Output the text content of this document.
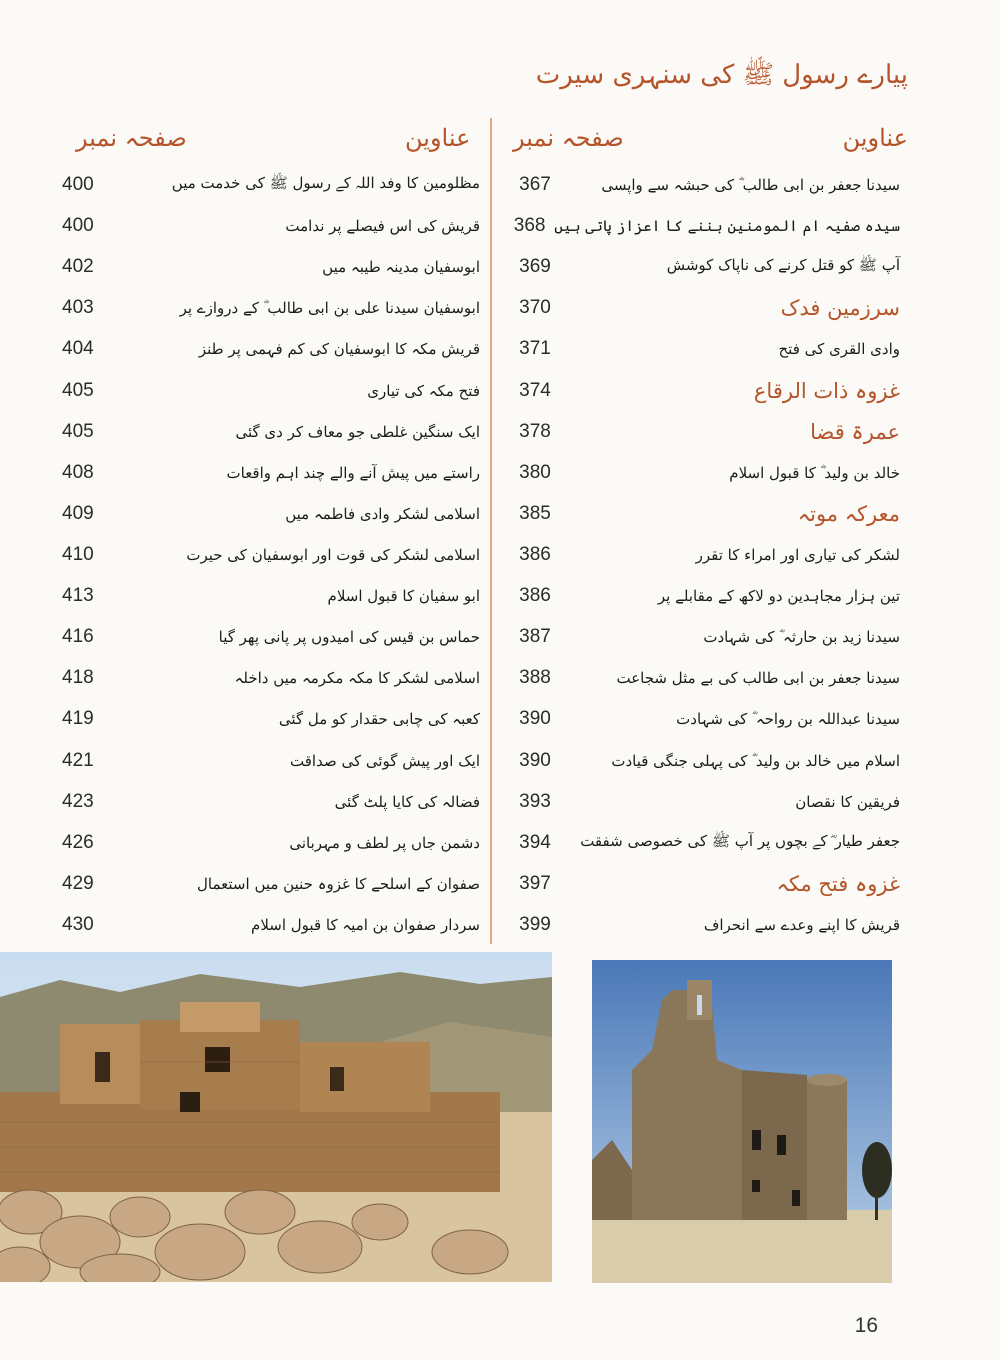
پیارے رسول ﷺ کی سنہری سیرت
عناوین
صفحہ نمبر
عناوین
صفحہ نمبر
367	سیدنا جعفر بن ابی طالب ؓ کی حبشہ سے واپسی
368 سیدہ صفیہ ام المومنین بننے کا اعزاز پاتی ہیں
369	آپ ﷺ کو قتل کرنے کی ناپاک کوشش
370	سرزمین فدک
371	وادی القری کی فتح
374	غزوہ ذات الرقاع
378	عمرۃ قضا
380	خالد بن ولید ؓ کا قبول اسلام
385	معرکہ موتہ
386	لشکر کی تیاری اور امراء کا تقرر
386	تین ہزار مجاہدین دو لاکھ کے مقابلے پر
387	سیدنا زید بن حارثہ ؓ کی شہادت
388	سیدنا جعفر بن ابی طالب کی بے مثل شجاعت
390	سیدنا عبداللہ بن رواحہ ؓ کی شہادت
390	اسلام میں خالد بن ولید ؓ کی پہلی جنگی قیادت
393	فریقین کا نقصان
394	جعفر طیار ؓ کے بچوں پر آپ ﷺ کی خصوصی شفقت
397	غزوہ فتح مکہ
399	قریش کا اپنے وعدے سے انحراف
400	مظلومین کا وفد اللہ کے رسول ﷺ کی خدمت میں
400	قریش کی اس فیصلے پر ندامت
402	ابوسفیان مدینہ طیبہ میں
403	ابوسفیان سیدنا علی بن ابی طالب ؓ کے دروازے پر
404	قریش مکہ کا ابوسفیان کی کم فہمی پر طنز
405	فتح مکہ کی تیاری
405	ایک سنگین غلطی جو معاف کر دی گئی
408	راستے میں پیش آنے والے چند اہم واقعات
409	اسلامی لشکر وادی فاطمہ میں
410	اسلامی لشکر کی قوت اور ابوسفیان کی حیرت
413	ابو سفیان کا قبول اسلام
416	حماس بن قیس کی امیدوں پر پانی پھر گیا
418	اسلامی لشکر کا مکہ مکرمہ میں داخلہ
419	کعبہ کی چابی حقدار کو مل گئی
421	ایک اور پیش گوئی کی صداقت
423	فضالہ کی کایا پلٹ گئی
426	دشمن جاں پر لطف و مہربانی
429	صفوان کے اسلحے کا غزوہ حنین میں استعمال
430	سردار صفوان بن امیہ کا قبول اسلام
16
